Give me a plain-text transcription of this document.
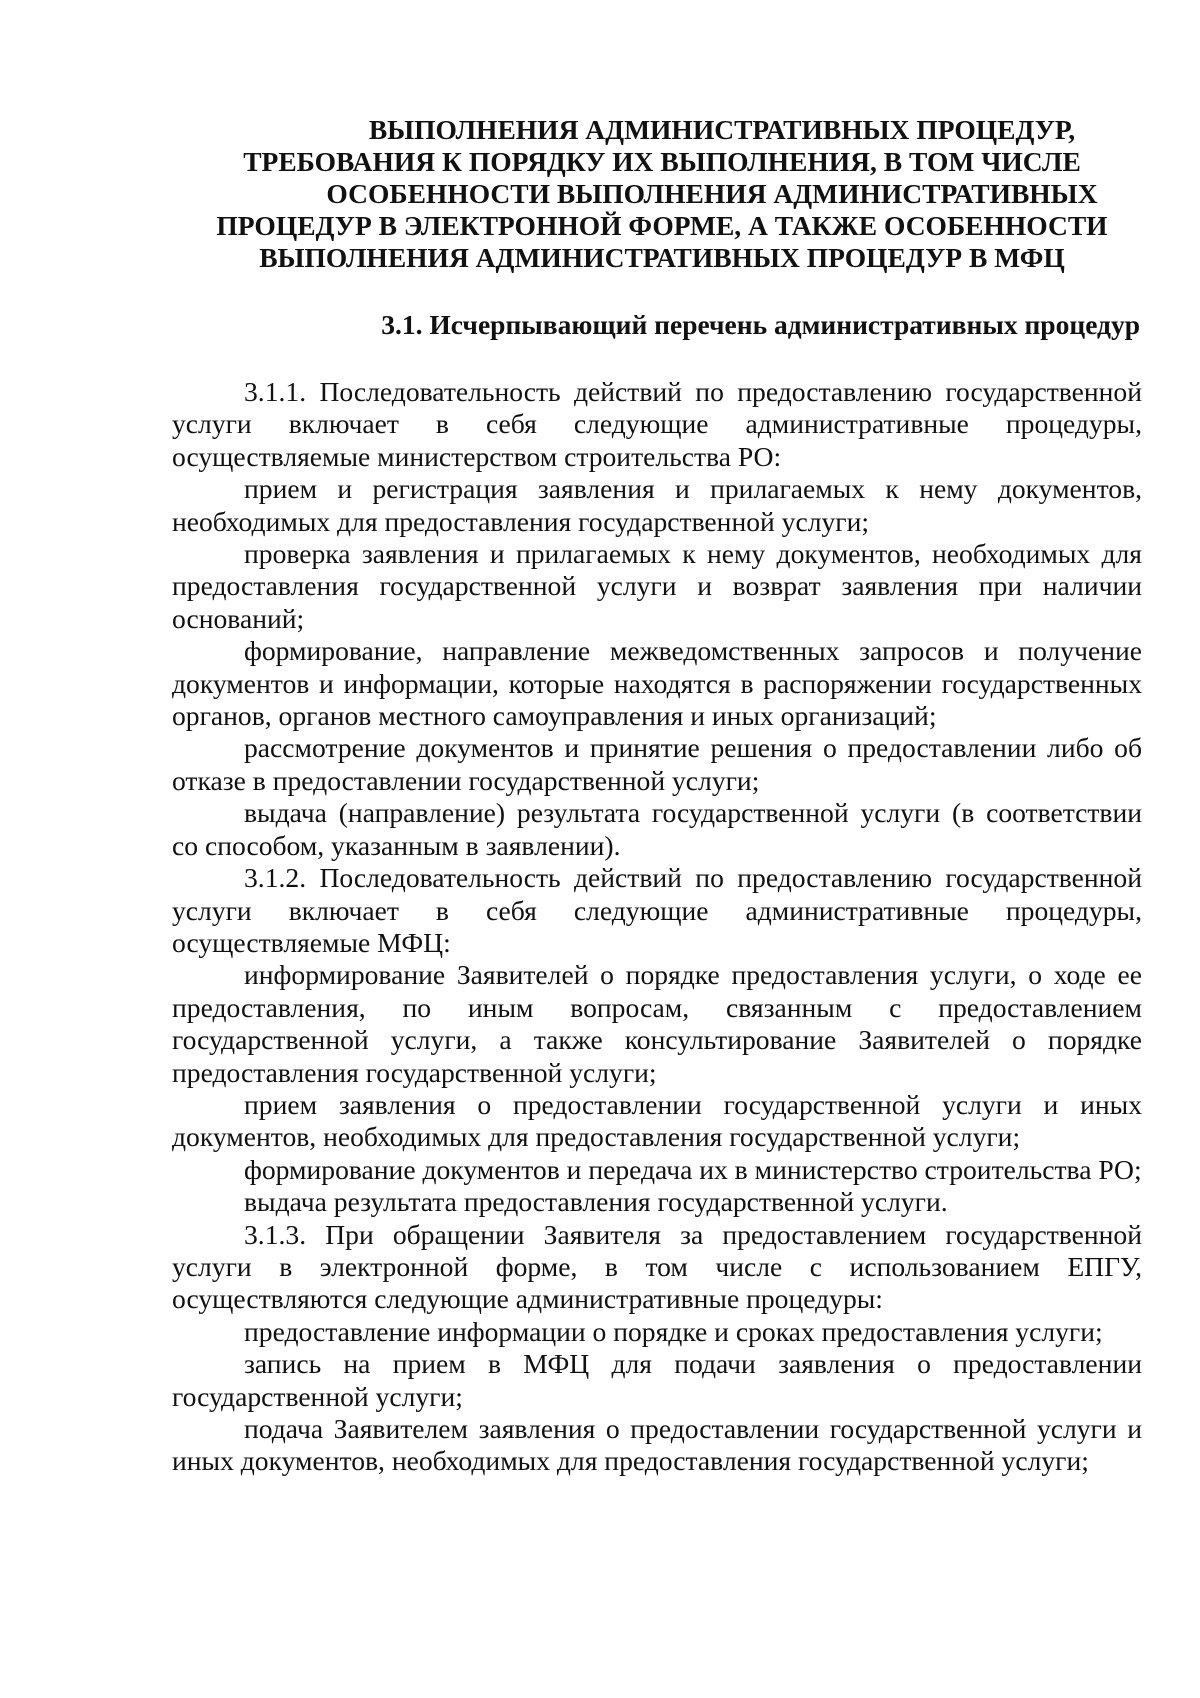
ВЫПОЛНЕНИЯ АДМИНИСТРАТИВНЫХ ПРОЦЕДУР,
ТРЕБОВАНИЯ К ПОРЯДКУ ИХ ВЫПОЛНЕНИЯ, В ТОМ ЧИСЛЕ
ОСОБЕННОСТИ ВЫПОЛНЕНИЯ АДМИНИСТРАТИВНЫХ
ПРОЦЕДУР В ЭЛЕКТРОННОЙ ФОРМЕ, А ТАКЖЕ ОСОБЕННОСТИ
ВЫПОЛНЕНИЯ АДМИНИСТРАТИВНЫХ ПРОЦЕДУР В МФЦ
3.1. Исчерпывающий перечень административных процедур

3.1.1. Последовательность действий по предоставлению государственной услуги включает в себя следующие административные процедуры, осуществляемые министерством строительства РО:

прием и регистрация заявления и прилагаемых к нему документов, необходимых для предоставления государственной услуги;

проверка заявления и прилагаемых к нему документов, необходимых для предоставления государственной услуги и возврат заявления при наличии оснований;

формирование, направление межведомственных запросов и получение документов и информации, которые находятся в распоряжении государственных органов, органов местного самоуправления и иных организаций;

рассмотрение документов и принятие решения о предоставлении либо об отказе в предоставлении государственной услуги;

выдача (направление) результата государственной услуги (в соответствии со способом, указанным в заявлении).

3.1.2. Последовательность действий по предоставлению государственной услуги включает в себя следующие административные процедуры, осуществляемые МФЦ:

информирование Заявителей о порядке предоставления услуги, о ходе ее предоставления, по иным вопросам, связанным с предоставлением государственной услуги, а также консультирование Заявителей о порядке предоставления государственной услуги;

прием заявления о предоставлении государственной услуги и иных документов, необходимых для предоставления государственной услуги;

формирование документов и передача их в министерство строительства РО;

выдача результата предоставления государственной услуги.

3.1.3. При обращении Заявителя за предоставлением государственной услуги в электронной форме, в том числе с использованием ЕПГУ, осуществляются следующие административные процедуры:

предоставление информации о порядке и сроках предоставления услуги;

запись на прием в МФЦ для подачи заявления о предоставлении государственной услуги;

подача Заявителем заявления о предоставлении государственной услуги и иных документов, необходимых для предоставления государственной услуги;
